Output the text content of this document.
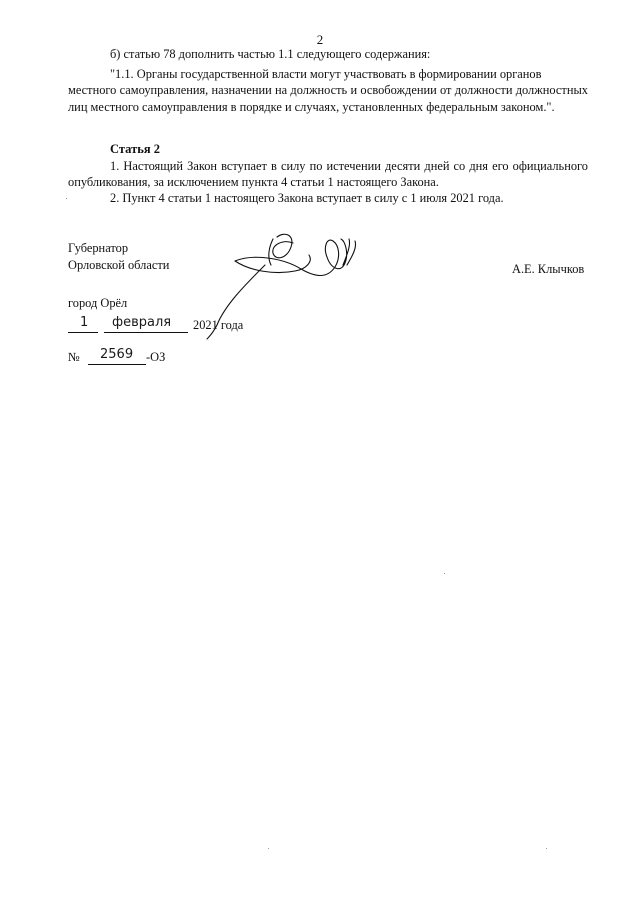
2
б) статью 78 дополнить частью 1.1 следующего содержания:
"1.1. Органы государственной власти могут участвовать в формировании органов
местного самоуправления, назначении на должность и освобождении от должности должностных лиц местного самоуправления в порядке и случаях, установленных федеральным законом.".
Статья 2
1. Настоящий Закон вступает в силу по истечении десяти дней со дня его официального опубликования, за исключением пункта 4 статьи 1 настоящего Закона.
2. Пункт 4 статьи 1 настоящего Закона вступает в силу с 1 июля 2021 года.
Губернатор
Орловской области	А.Е. Клычков
город Орёл
1 февраля 2021 года
№ 2569 -ОЗ
